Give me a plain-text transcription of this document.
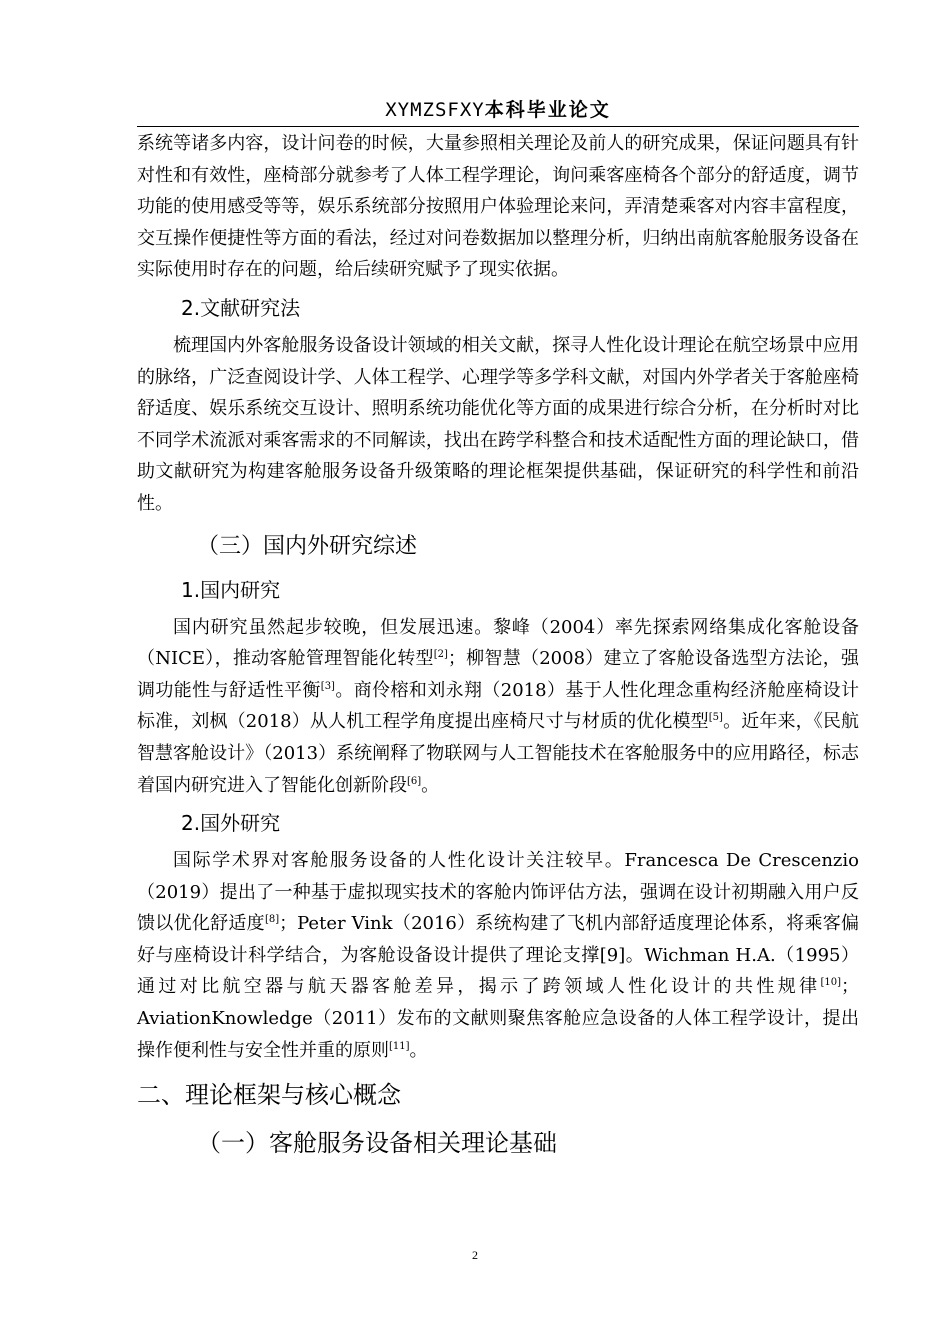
XYMZSFXY本科毕业论文

系统等诸多内容，设计问卷的时候，大量参照相关理论及前人的研究成果，保证问题具有针对性和有效性，座椅部分就参考了人体工程学理论，询问乘客座椅各个部分的舒适度，调节功能的使用感受等等，娱乐系统部分按照用户体验理论来问，弄清楚乘客对内容丰富程度，交互操作便捷性等方面的看法，经过对问卷数据加以整理分析，归纳出南航客舱服务设备在实际使用时存在的问题，给后续研究赋予了现实依据。

2.文献研究法

梳理国内外客舱服务设备设计领域的相关文献，探寻人性化设计理论在航空场景中应用的脉络，广泛查阅设计学、人体工程学、心理学等多学科文献，对国内外学者关于客舱座椅舒适度、娱乐系统交互设计、照明系统功能优化等方面的成果进行综合分析，在分析时对比不同学术流派对乘客需求的不同解读，找出在跨学科整合和技术适配性方面的理论缺口，借助文献研究为构建客舱服务设备升级策略的理论框架提供基础，保证研究的科学性和前沿性。

（三）国内外研究综述
1.国内研究

国内研究虽然起步较晚，但发展迅速。黎峰（2004）率先探索网络集成化客舱设备（NICE），推动客舱管理智能化转型[2]；柳智慧（2008）建立了客舱设备选型方法论，强调功能性与舒适性平衡[3]。商伶榕和刘永翔（2018）基于人性化理念重构经济舱座椅设计标准，刘枫（2018）从人机工程学角度提出座椅尺寸与材质的优化模型[5]。近年来，《民航智慧客舱设计》（2013）系统阐释了物联网与人工智能技术在客舱服务中的应用路径，标志着国内研究进入了智能化创新阶段[6]。

2.国外研究

国际学术界对客舱服务设备的人性化设计关注较早。Francesca De Crescenzio（2019）提出了一种基于虚拟现实技术的客舱内饰评估方法，强调在设计初期融入用户反馈以优化舒适度[8]；Peter Vink（2016）系统构建了飞机内部舒适度理论体系，将乘客偏好与座椅设计科学结合，为客舱设备设计提供了理论支撑[9]。Wichman H.A.（1995）通过对比航空器与航天器客舱差异，揭示了跨领域人性化设计的共性规律[10]；AviationKnowledge（2011）发布的文献则聚焦客舱应急设备的人体工程学设计，提出操作便利性与安全性并重的原则[11]。

二、理论框架与核心概念
（一）客舱服务设备相关理论基础
2
